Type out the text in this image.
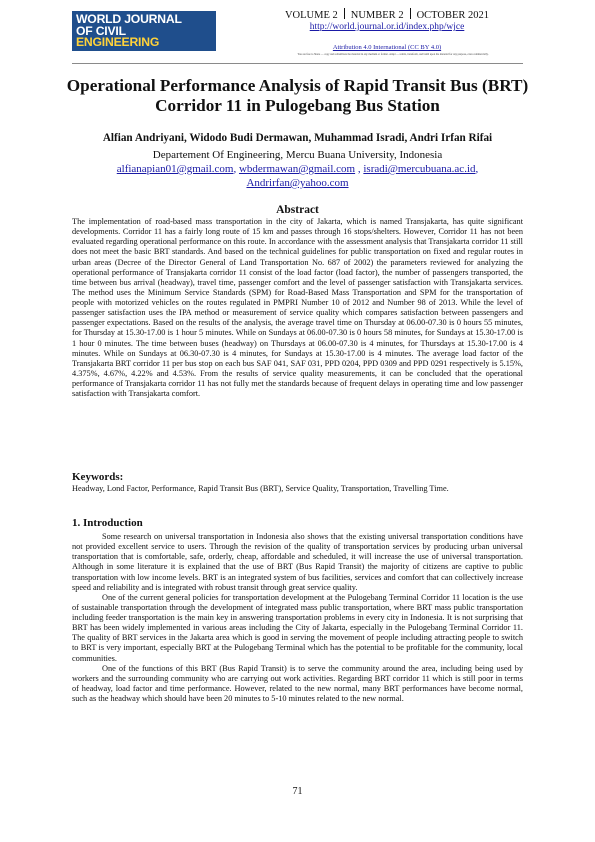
WORLD JOURNAL
OF CIVIL
ENGINEERING
VOLUME 2 NUMBER 2 OCTOBER 2021
http://world.journal.or.id/index.php/wjce
Attribution 4.0 International (CC BY 4.0)
You are free to Share — copy and redistribute the material in any medium or format. Adapt — remix, transform, and build upon the material for any purpose, even commercially.
Operational Performance Analysis of Rapid Transit Bus (BRT) Corridor 11 in Pulogebang Bus Station
Alfian Andriyani, Widodo Budi Dermawan, Muhammad Isradi, Andri Irfan Rifai
Departement Of Engineering, Mercu Buana University, Indonesia
alfianapian01@gmail.com, wbdermawan@gmail.com , isradi@mercubuana.ac.id,
Andrirfan@yahoo.com
Abstract

The implementation of road-based mass transportation in the city of Jakarta, which is named Transjakarta, has quite significant developments. Corridor 11 has a fairly long route of 15 km and passes through 16 stops/shelters. However, Corridor 11 has not been evaluated regarding operational performance on this route. In accordance with the assessment analysis that Transjakarta corridor 11 still does not meet the basic BRT standards. And based on the technical guidelines for public transportation on fixed and regular routes in urban areas (Decree of the Director General of Land Transportation No. 687 of 2002) the parameters reviewed for analyzing the operational performance of Transjakarta corridor 11 consist of the load factor (load factor), the number of passengers transported, the time between bus arrival (headway), travel time, passenger comfort and the level of passenger satisfaction with Transjakarta services. The method uses the Minimum Service Standards (SPM) for Road-Based Mass Transportation and SPM for the transportation of people with motorized vehicles on the routes regulated in PMPRI Number 10 of 2012 and Number 98 of 2013. While the level of passenger satisfaction uses the IPA method or measurement of service quality which compares satisfaction between passengers and passenger expectations. Based on the results of the analysis, the average travel time on Thursday at 06.00-07.30 is 0 hours 55 minutes, for Thursday at 15.30-17.00 is 1 hour 5 minutes. While on Sundays at 06.00-07.30 is 0 hours 58 minutes, for Sundays at 15.30-17.00 is 1 hour 0 minutes. The time between buses (headway) on Thursdays at 06.00-07.30 is 4 minutes, for Thursdays at 15.30-17.00 is 4 minutes. While on Sundays at 06.30-07.30 is 4 minutes, for Sundays at 15.30-17.00 is 4 minutes. The average load factor of the Transjakarta BRT corridor 11 per bus stop on each bus SAF 041, SAF 031, PPD 0204, PPD 0309 and PPD 0291 respectively is 5.15%, 4.375%, 4.67%, 4.22% and 4.53%. From the results of service quality measurements, it can be concluded that the operational performance of Transjakarta corridor 11 has not fully met the standards because of frequent delays in operating time and low passenger satisfaction with Transjakarta comfort.

Keywords:

Headway, Lond Factor, Performance, Rapid Transit Bus (BRT), Service Quality, Transportation, Travelling Time.

1. Introduction

Some research on universal transportation in Indonesia also shows that the existing universal transportation conditions have not provided excellent service to users. Through the revision of the quality of transportation services by producing urban universal transportation that is comfortable, safe, orderly, cheap, affordable and scheduled, it will increase the use of universal transportation. Although in some literature it is explained that the use of BRT (Bus Rapid Transit) the majority of citizens are captive to public transportation with low income levels. BRT is an integrated system of bus facilities, services and comfort that can collectively increase speed and reliability and is integrated with robust transit through great service quality.

One of the current general policies for transportation development at the Pulogebang Terminal Corridor 11 location is the use of sustainable transportation through the development of integrated mass public transportation, where BRT mass public transportation including feeder transportation is the main key in answering transportation problems in every city in Indonesia. It is not surprising that BRT has been widely implemented in various areas including the City of Jakarta, especially in the Pulogebang Terminal Corridor 11. The quality of BRT services in the Jakarta area which is good in serving the movement of people including attracting people to switch to BRT is very important, especially BRT at the Pulogebang Terminal which has the potential to be profitable for the community, local communities.

One of the functions of this BRT (Bus Rapid Transit) is to serve the community around the area, including being used by workers and the surrounding community who are carrying out work activities. Regarding BRT corridor 11 which is still poor in terms of headway, load factor and time performance. However, related to the new normal, many BRT performances have become normal, such as the headway which should have been 20 minutes to 5-10 minutes related to the new normal.

71
